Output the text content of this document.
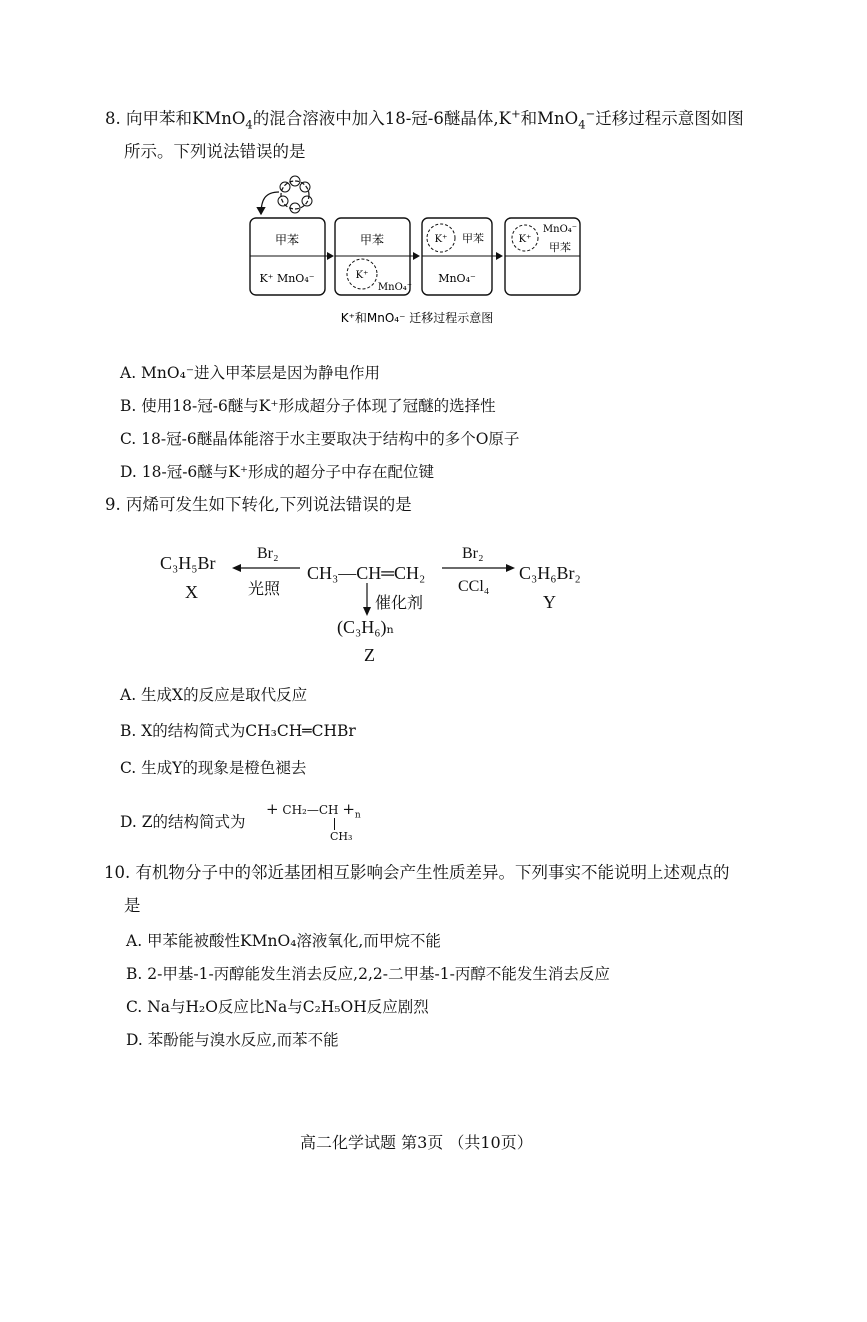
8. 向甲苯和KMnO$_4$的混合溶液中加入18-冠-6醚晶体,K+和MnO$_4$−迁移过程示意图如图
所示。下列说法错误的是
甲苯
K⁺ MnO₄⁻
甲苯
K⁺
MnO₄⁻
K⁺ 甲苯
MnO₄⁻
K⁺
MnO₄⁻
甲苯
K⁺和MnO₄⁻ 迁移过程示意图
A. MnO₄⁻进入甲苯层是因为静电作用
B. 使用18-冠-6醚与K⁺形成超分子体现了冠醚的选择性
C. 18-冠-6醚晶体能溶于水主要取决于结构中的多个O原子
D. 18-冠-6醚与K⁺形成的超分子中存在配位键
9. 丙烯可发生如下转化,下列说法错误的是
C₃H₅Br
X
Br₂
光照
CH₃—CH═CH₂
Br₂
CCl₄
C₃H₆Br₂
Y
催化剂
(C₃H₆)ₙ
Z
A. 生成X的反应是取代反应
B. X的结构简式为CH₃CH═CHBr
C. 生成Y的现象是橙色褪去
D. Z的结构简式为
+ CH₂—CH $+_n$
CH₃
10. 有机物分子中的邻近基团相互影响会产生性质差异。下列事实不能说明上述观点的
是
A. 甲苯能被酸性KMnO₄溶液氧化,而甲烷不能
B. 2-甲基-1-丙醇能发生消去反应,2,2-二甲基-1-丙醇不能发生消去反应
C. Na与H₂O反应比Na与C₂H₅OH反应剧烈
D. 苯酚能与溴水反应,而苯不能
高二化学试题 第3页 （共10页）
